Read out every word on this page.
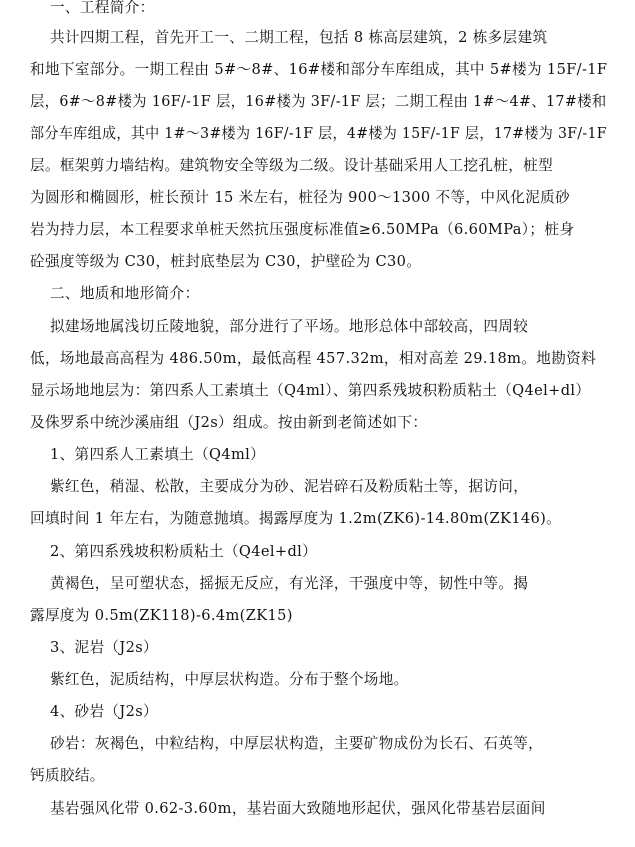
一、工程简介：

共计四期工程，首先开工一、二期工程，包括 8 栋高层建筑，2 栋多层建筑

和地下室部分。一期工程由 5#～8#、16#楼和部分车库组成，其中 5#楼为 15F/-1F

层，6#～8#楼为 16F/-1F 层，16#楼为 3F/-1F 层；二期工程由 1#～4#、17#楼和

部分车库组成，其中 1#～3#楼为 16F/-1F 层，4#楼为 15F/-1F 层，17#楼为 3F/-1F

层。框架剪力墙结构。建筑物安全等级为二级。设计基础采用人工挖孔桩，桩型

为圆形和椭圆形，桩长预计 15 米左右，桩径为 900～1300 不等，中风化泥质砂

岩为持力层，本工程要求单桩天然抗压强度标准值≥6.50MPa（6.60MPa）；桩身

砼强度等级为 C30，桩封底垫层为 C30，护壁砼为 C30。

二、地质和地形简介：

拟建场地属浅切丘陵地貌，部分进行了平场。地形总体中部较高，四周较

低，场地最高高程为 486.50m，最低高程 457.32m，相对高差 29.18m。地勘资料

显示场地地层为：第四系人工素填土（Q4ml）、第四系残坡积粉质粘土（Q4el+dl）

及侏罗系中统沙溪庙组（J2s）组成。按由新到老简述如下：

1、第四系人工素填土（Q4ml）

紫红色，稍湿、松散，主要成分为砂、泥岩碎石及粉质粘土等，据访问，

回填时间 1 年左右，为随意抛填。揭露厚度为 1.2m(ZK6)-14.80m(ZK146)。

2、第四系残坡积粉质粘土（Q4el+dl）

黄褐色，呈可塑状态，摇振无反应，有光泽，干强度中等，韧性中等。揭

露厚度为 0.5m(ZK118)-6.4m(ZK15)

3、泥岩（J2s）

紫红色，泥质结构，中厚层状构造。分布于整个场地。

4、砂岩（J2s）

砂岩：灰褐色，中粒结构，中厚层状构造，主要矿物成份为长石、石英等，

钙质胶结。

基岩强风化带 0.62-3.60m，基岩面大致随地形起伏，强风化带基岩层面间
